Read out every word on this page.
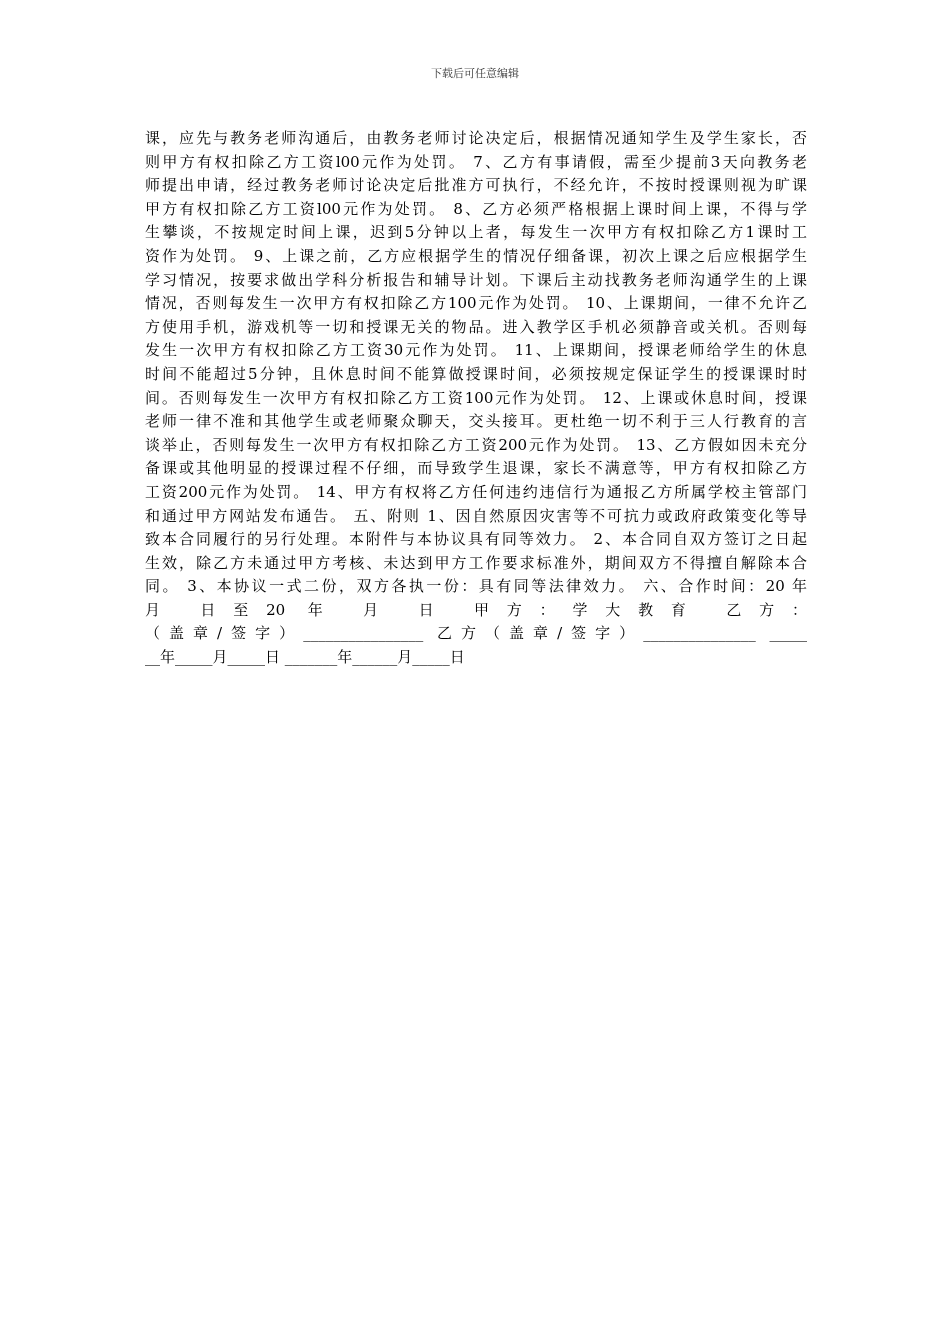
下载后可任意编辑
课，应先与教务老师沟通后，由教务老师讨论决定后，根据情况通知学生及学生家长，否
则甲方有权扣除乙方工资l00元作为处罚。 7、乙方有事请假，需至少提前3天向教务老
师提出申请，经过教务老师讨论决定后批准方可执行，不经允许，不按时授课则视为旷课
甲方有权扣除乙方工资l00元作为处罚。 8、乙方必须严格根据上课时间上课，不得与学
生攀谈，不按规定时间上课，迟到5分钟以上者，每发生一次甲方有权扣除乙方1课时工
资作为处罚。 9、上课之前，乙方应根据学生的情况仔细备课，初次上课之后应根据学生
学习情况，按要求做出学科分析报告和辅导计划。下课后主动找教务老师沟通学生的上课
情况，否则每发生一次甲方有权扣除乙方100元作为处罚。 10、上课期间，一律不允许乙
方使用手机，游戏机等一切和授课无关的物品。进入教学区手机必须静音或关机。否则每
发生一次甲方有权扣除乙方工资30元作为处罚。 11、上课期间，授课老师给学生的休息
时间不能超过5分钟，且休息时间不能算做授课时间，必须按规定保证学生的授课课时时
间。否则每发生一次甲方有权扣除乙方工资100元作为处罚。 12、上课或休息时间，授课
老师一律不准和其他学生或老师聚众聊天，交头接耳。更杜绝一切不利于三人行教育的言
谈举止，否则每发生一次甲方有权扣除乙方工资200元作为处罚。 13、乙方假如因未充分
备课或其他明显的授课过程不仔细，而导致学生退课，家长不满意等，甲方有权扣除乙方
工资200元作为处罚。 14、甲方有权将乙方任何违约违信行为通报乙方所属学校主管部门
和通过甲方网站发布通告。 五、附则 1、因自然原因灾害等不可抗力或政府政策变化等导
致本合同履行的另行处理。本附件与本协议具有同等效力。 2、本合同自双方签订之日起
生效，除乙方未通过甲方考核、未达到甲方工作要求标准外，期间双方不得擅自解除本合
同。 3、本协议一式二份，双方各执一份：具有同等法律效力。 六、合作时间：20 年
月 日至20 年 月 日 甲方：学大教育 乙方：
（盖章/签字）________________ 乙方（盖章/签字）_______________ _____
__年_____月_____日 _______年______月_____日
